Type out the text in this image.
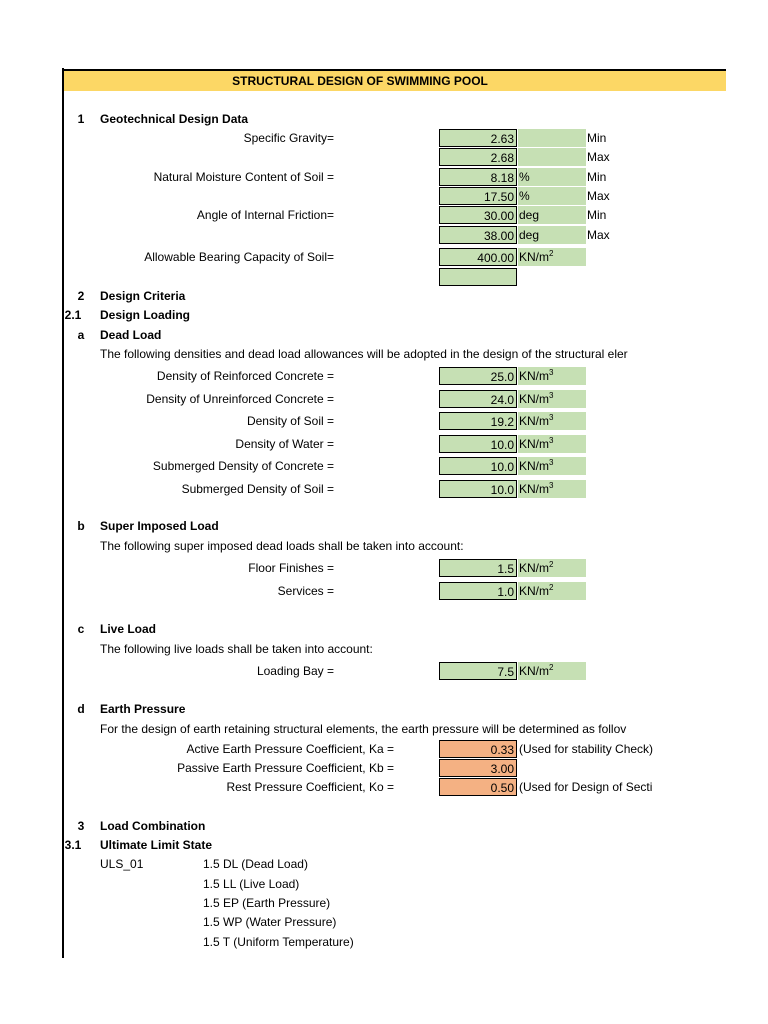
STRUCTURAL DESIGN OF SWIMMING POOL
1	Geotechnical Design Data
Specific Gravity=	2.63	Min
2.68	Max
Natural Moisture Content of Soil =	8.18 %	Min
17.50 %	Max
Angle of Internal Friction=	30.00 deg	Min
38.00 deg	Max
Allowable Bearing Capacity of Soil=	400.00 $KN/m^2$
2	Design Criteria
2.1	Design Loading
a	Dead Load
The following densities and dead load allowances will be adopted in the design of the structural eler
Density of Reinforced Concrete =	25.0 $KN/m^3$
Density of Unreinforced Concrete =	24.0 $KN/m^3$
Density of Soil =	19.2 $KN/m^3$
Density of Water =	10.0 $KN/m^3$
Submerged Density of Concrete =	10.0 $KN/m^3$
Submerged Density of Soil =	10.0 $KN/m^3$
b	Super Imposed Load
The following super imposed dead loads shall be taken into account:
Floor Finishes =	1.5 $KN/m^2$
Services =	1.0 $KN/m^2$
c	Live Load
The following live loads shall be taken into account:
Loading Bay =	7.5 $KN/m^2$
d	Earth Pressure
For the design of earth retaining structural elements, the earth pressure will be determined as follov
Active Earth Pressure Coefficient, Ka =	0.33 (Used for stability Check)
Passive Earth Pressure Coefficient, Kb =	3.00
Rest Pressure Coefficient, Ko =	0.50 (Used for Design of Secti
3	Load Combination
3.1	Ultimate Limit State
ULS_01	1.5 DL (Dead Load)
1.5 LL (Live Load)
1.5 EP (Earth Pressure)
1.5 WP (Water Pressure)
1.5 T (Uniform Temperature)
